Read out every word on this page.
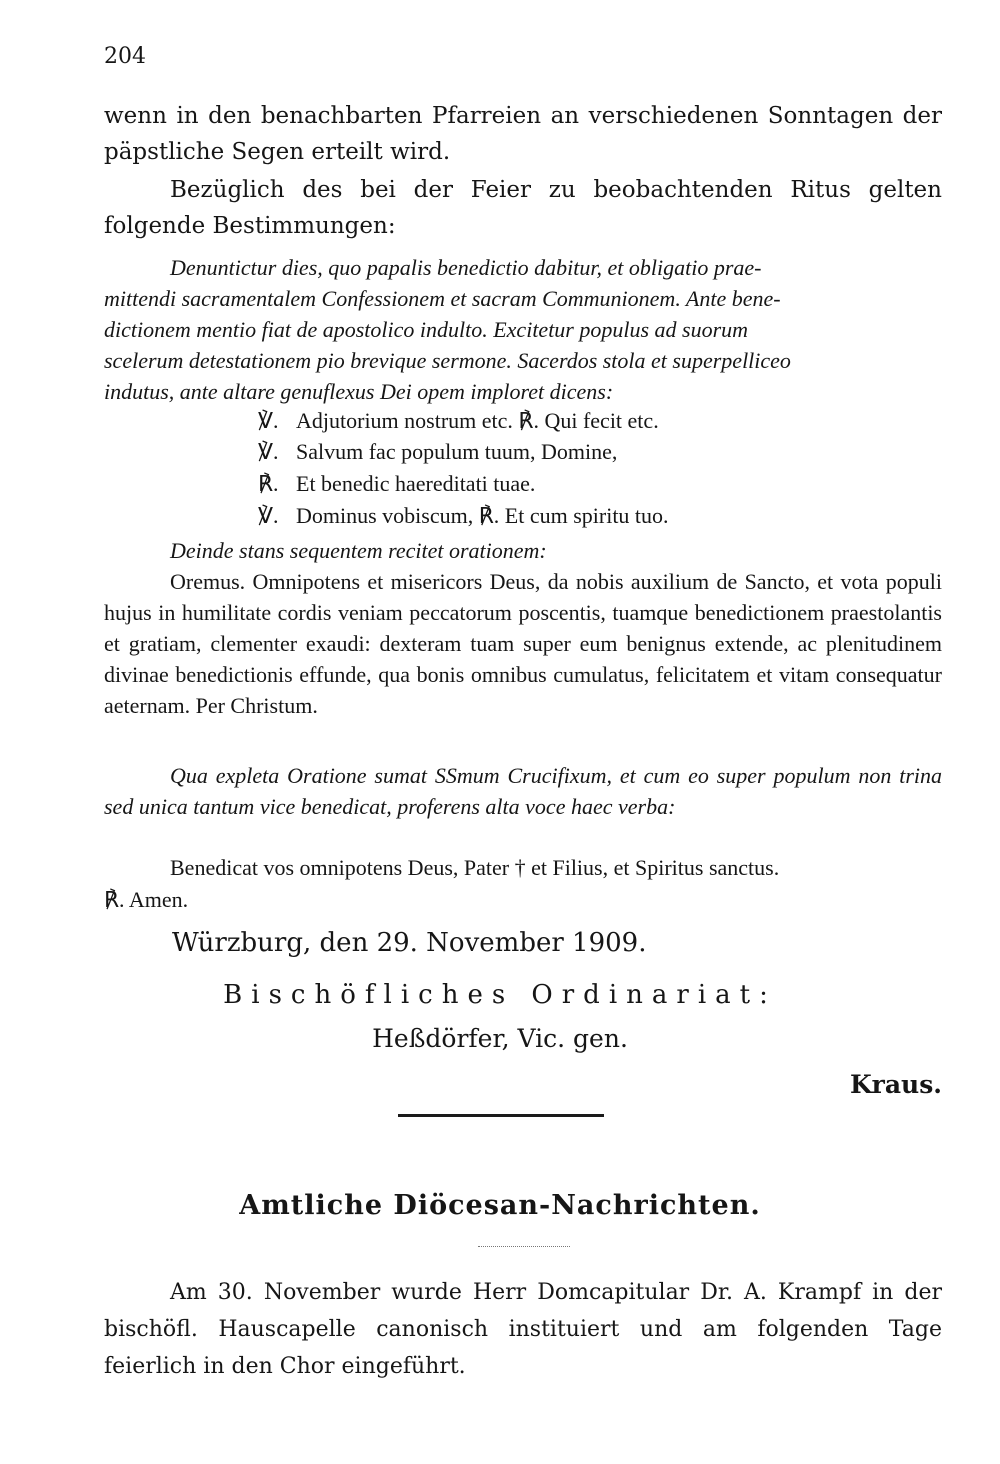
204

wenn in den benachbarten Pfarreien an verschiedenen Sonntagen der päpstliche Segen erteilt wird.

Bezüglich des bei der Feier zu beobachtenden Ritus gelten folgende Bestimmungen:

Denuntictur dies, quo papalis benedictio dabitur, et obligatio prae-
mittendi sacramentalem Confessionem et sacram Communionem. Ante bene-
dictionem mentio fiat de apostolico indulto. Excitetur populus ad suorum
scelerum detestationem pio brevique sermone. Sacerdos stola et superpelliceo
indutus, ante altare genuflexus Dei opem imploret dicens:
℣. Adjutorium nostrum etc. ℟. Qui fecit etc.
℣. Salvum fac populum tuum, Domine,
℟. Et benedic haereditati tuae.
℣. Dominus vobiscum, ℟. Et cum spiritu tuo.
Deinde stans sequentem recitet orationem:
Oremus. Omnipotens et misericors Deus, da nobis auxilium de Sancto, et vota populi hujus in humilitate cordis veniam peccatorum poscentis, tuamque benedictionem praestolantis et gratiam, clementer exaudi: dexteram tuam super eum benignus extende, ac plenitudinem divinae benedictionis effunde, qua bonis omnibus cumulatus, felicitatem et vitam consequatur aeternam. Per Christum.
Qua expleta Oratione sumat SSmum Crucifixum, et cum eo super populum non trina sed unica tantum vice benedicat, proferens alta voce haec verba:
Benedicat vos omnipotens Deus, Pater † et Filius, et Spiritus sanctus.
℟. Amen.
Würzburg, den 29. November 1909.
Bischöfliches Ordinariat:
Heßdörfer, Vic. gen.
Kraus.
Amtliche Diöcesan-Nachrichten.

Am 30. November wurde Herr Domcapitular Dr. A. Krampf in der bischöfl. Hauscapelle canonisch instituiert und am folgenden Tage feierlich in den Chor eingeführt.
